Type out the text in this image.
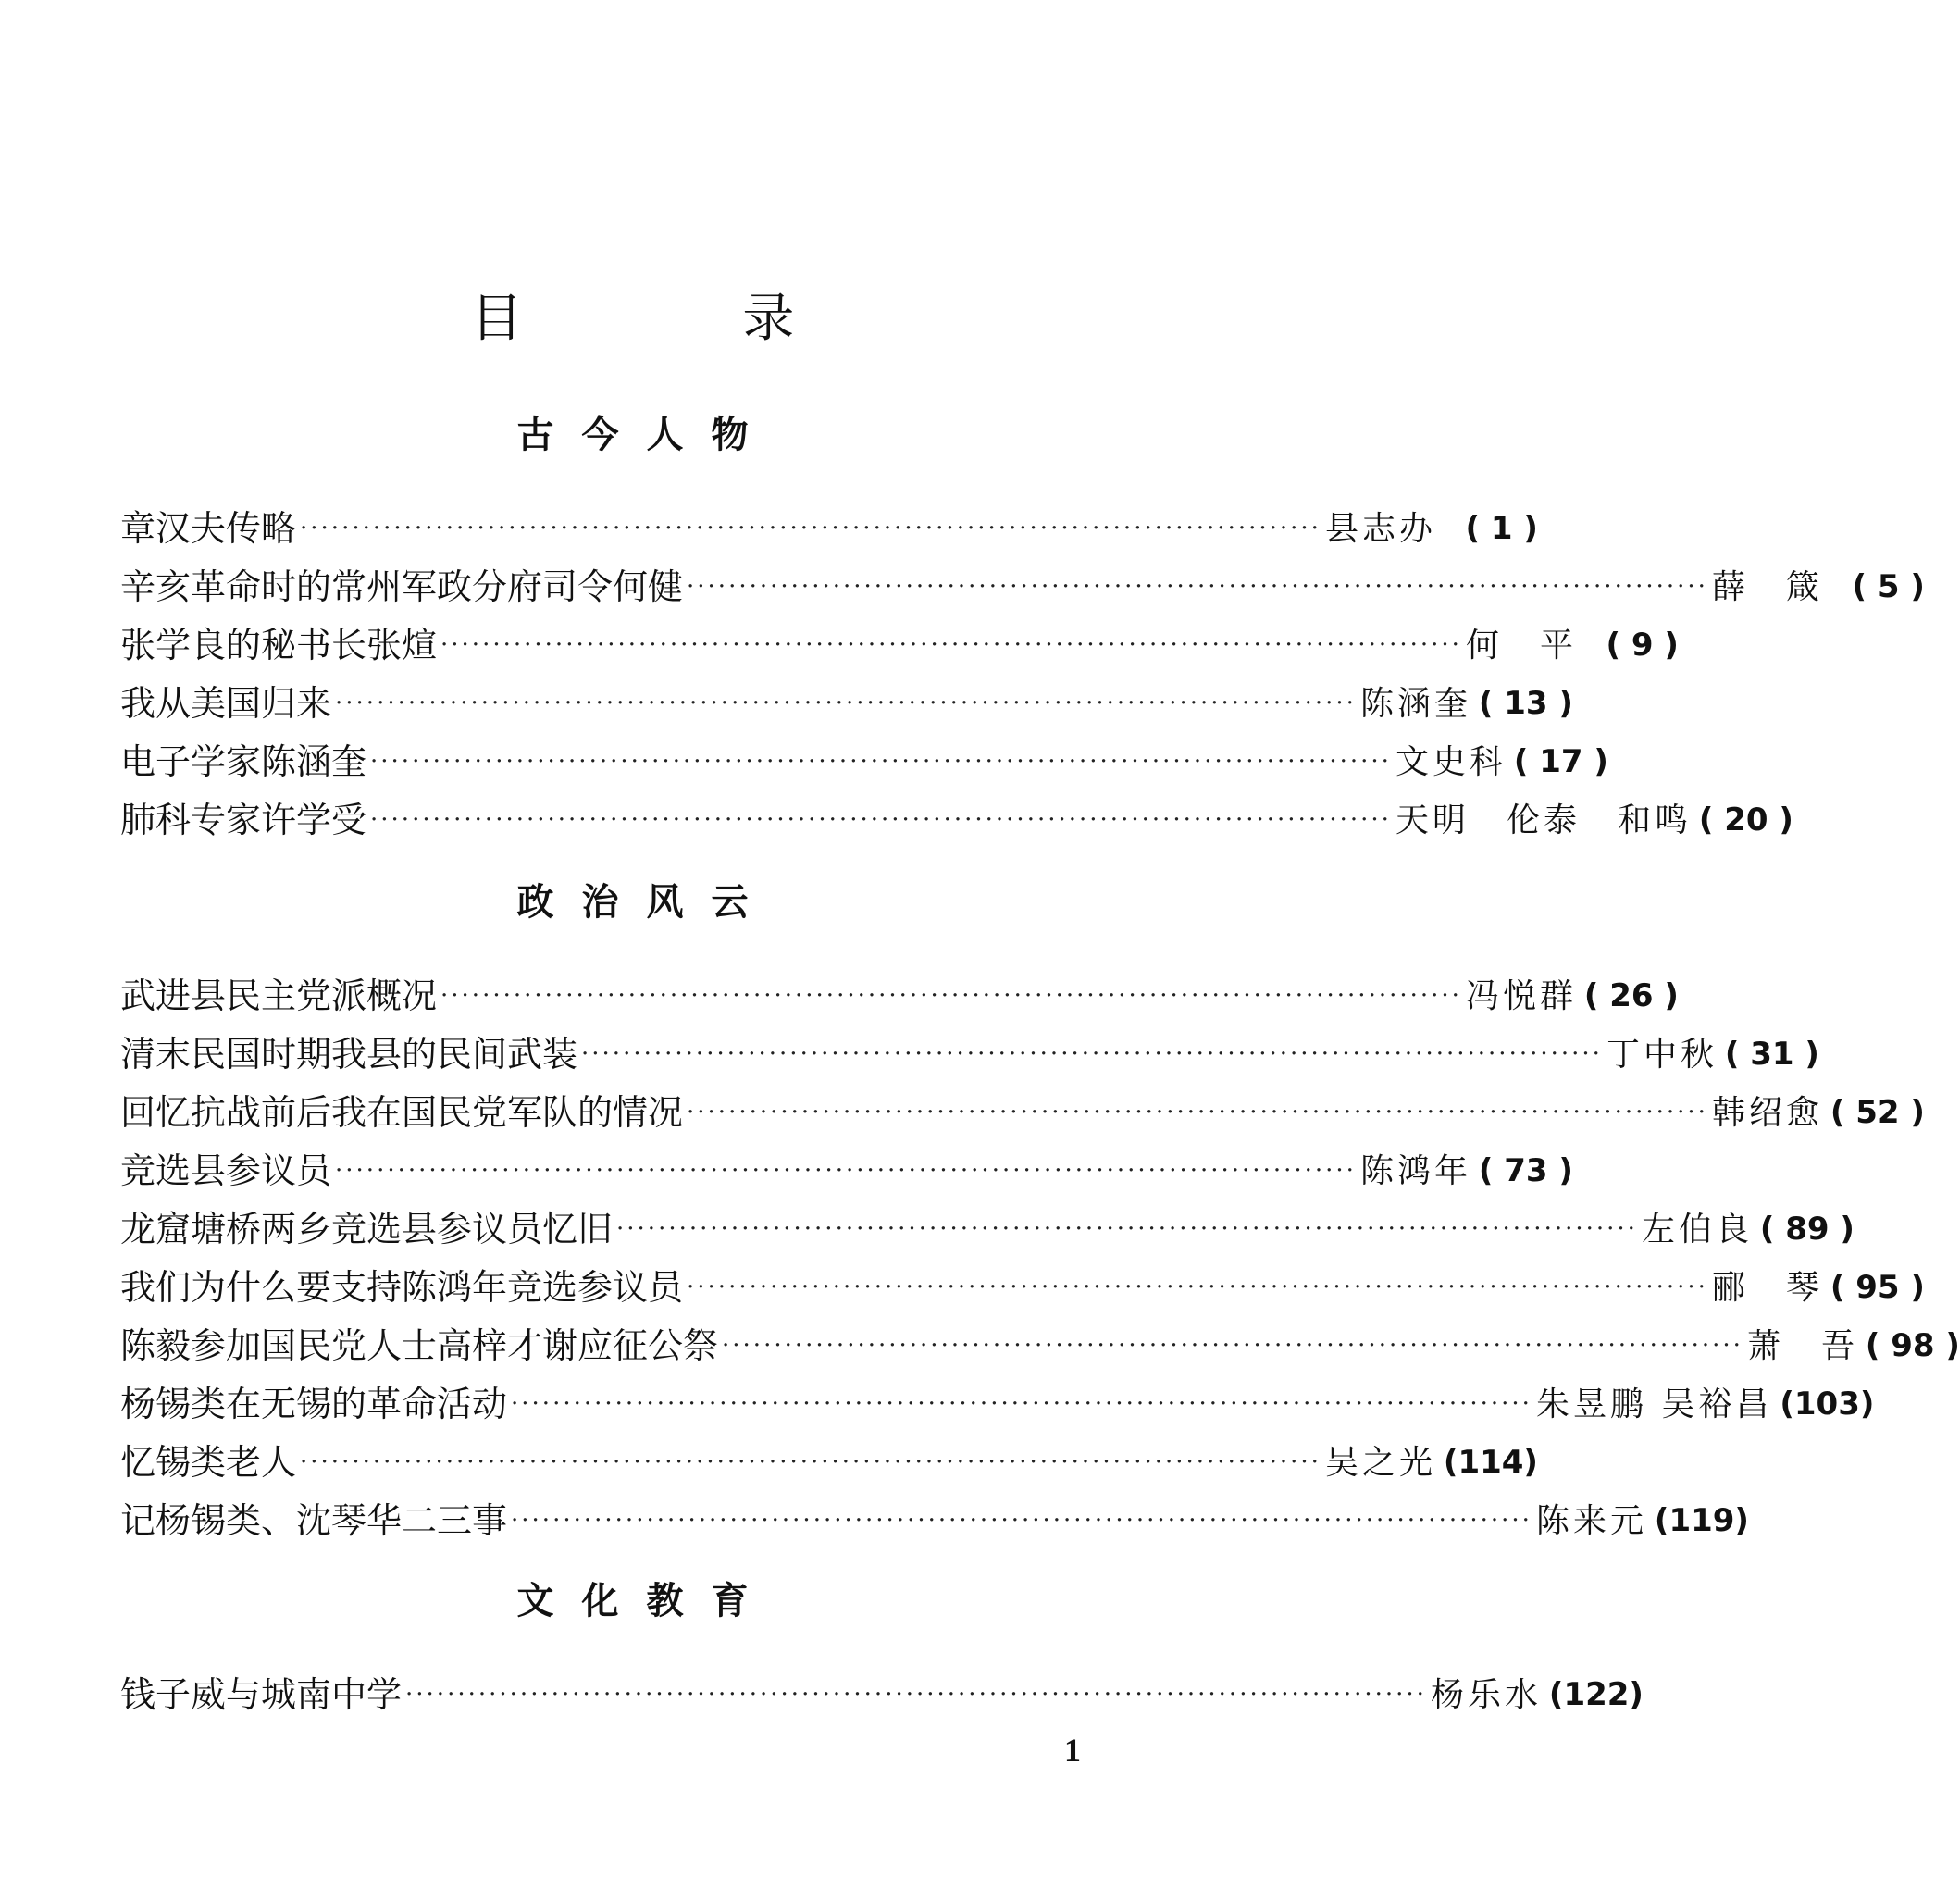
目 录
古今人物
章汉夫传略 ·································································································· 县志办 ( 1 )
辛亥革命时的常州军政分府司令何健 ·································································································· 薛　箴 ( 5 )
张学良的秘书长张煊 ·································································································· 何　平 ( 9 )
我从美国归来 ·································································································· 陈涵奎 ( 13 )
电子学家陈涵奎 ·································································································· 文史科 ( 17 )
肺科专家许学受 ·································································································· 天明　伦泰　和鸣 ( 20 )
政治风云
武进县民主党派概况 ·································································································· 冯悦群 ( 26 )
清末民国时期我县的民间武装 ·································································································· 丁中秋 ( 31 )
回忆抗战前后我在国民党军队的情况 ·································································································· 韩绍愈 ( 52 )
竞选县参议员 ·································································································· 陈鸿年 ( 73 )
龙窟塘桥两乡竞选县参议员忆旧 ·································································································· 左伯良 ( 89 )
我们为什么要支持陈鸿年竞选参议员 ·································································································· 郦　琴 ( 95 )
陈毅参加国民党人士高梓才谢应征公祭 ·································································································· 萧　吾 ( 98 )
杨锡类在无锡的革命活动 ·································································································· 朱昱鹏 吴裕昌 (103)
忆锡类老人 ·································································································· 吴之光 (114)
记杨锡类、沈琴华二三事 ·································································································· 陈来元 (119)
文化教育
钱子威与城南中学 ·································································································· 杨乐水 (122)
1
